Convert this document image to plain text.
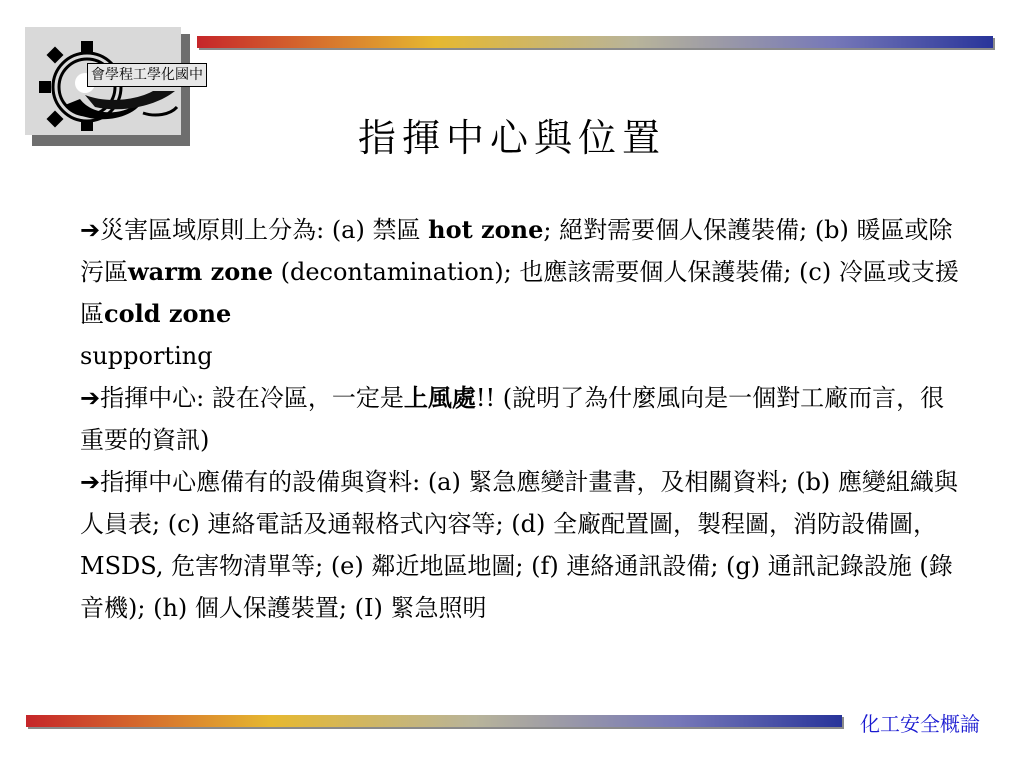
會學程工學化國中
指揮中心與位置

➔災害區域原則上分為: (a) 禁區 hot zone; 絕對需要個人保護裝備; (b) 暖區或除污區warm zone (decontamination); 也應該需要個人保護裝備; (c) 冷區或支援區cold zone
supporting

➔指揮中心: 設在冷區，一定是上風處!! (說明了為什麼風向是一個對工廠而言，很重要的資訊)

➔指揮中心應備有的設備與資料: (a) 緊急應變計畫書，及相關資料; (b) 應變組織與人員表; (c) 連絡電話及通報格式內容等; (d) 全廠配置圖，製程圖，消防設備圖，MSDS, 危害物清單等; (e) 鄰近地區地圖; (f) 連絡通訊設備; (g) 通訊記錄設施 (錄音機); (h) 個人保護裝置; (I) 緊急照明

化工安全概論
